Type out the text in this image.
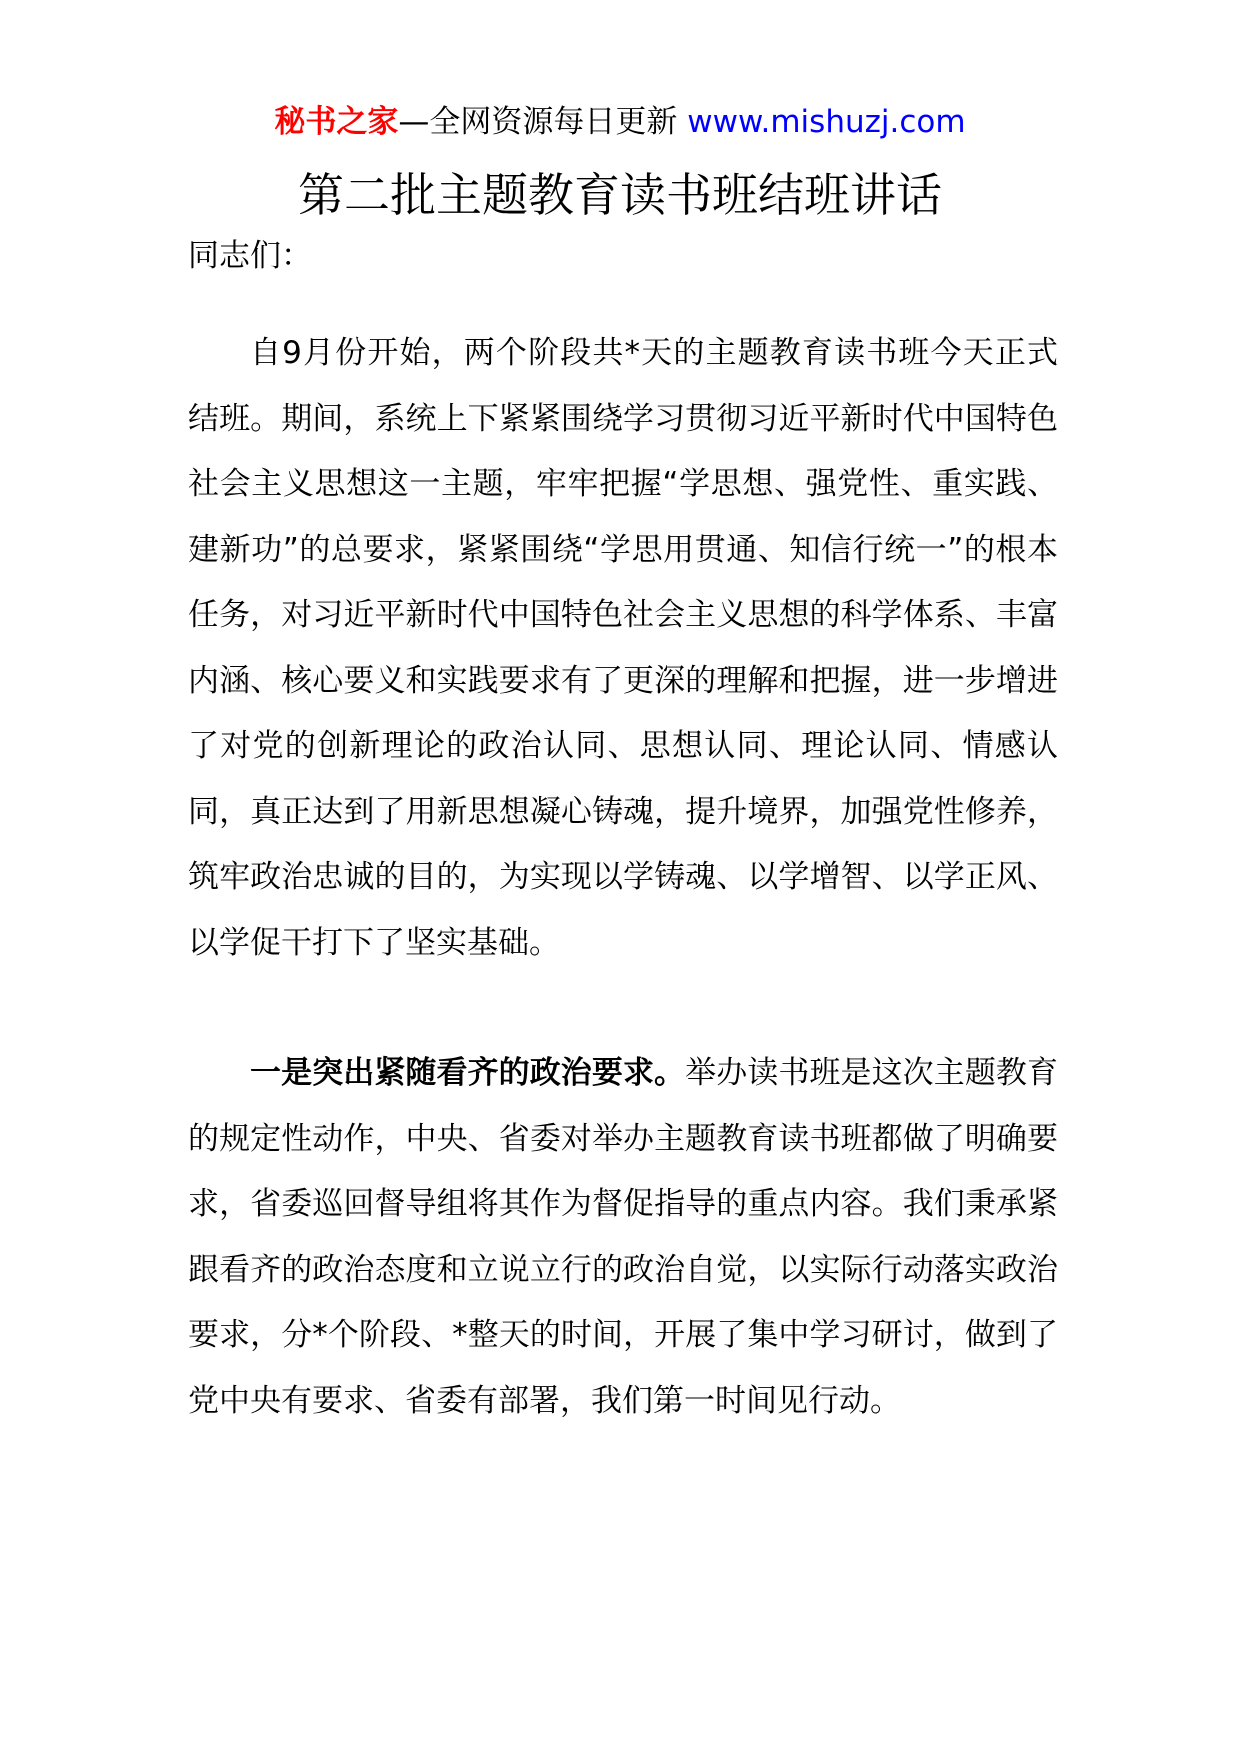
秘书之家—全网资源每日更新 www.mishuzj.com
第二批主题教育读书班结班讲话
同志们：

自9月份开始，两个阶段共*天的主题教育读书班今天正式结班。期间，系统上下紧紧围绕学习贯彻习近平新时代中国特色社会主义思想这一主题，牢牢把握“学思想、强党性、重实践、建新功”的总要求，紧紧围绕“学思用贯通、知信行统一”的根本任务，对习近平新时代中国特色社会主义思想的科学体系、丰富内涵、核心要义和实践要求有了更深的理解和把握，进一步增进了对党的创新理论的政治认同、思想认同、理论认同、情感认同，真正达到了用新思想凝心铸魂，提升境界，加强党性修养，筑牢政治忠诚的目的，为实现以学铸魂、以学增智、以学正风、以学促干打下了坚实基础。

一是突出紧随看齐的政治要求。举办读书班是这次主题教育的规定性动作，中央、省委对举办主题教育读书班都做了明确要求，省委巡回督导组将其作为督促指导的重点内容。我们秉承紧跟看齐的政治态度和立说立行的政治自觉，以实际行动落实政治要求，分*个阶段、*整天的时间，开展了集中学习研讨，做到了党中央有要求、省委有部署，我们第一时间见行动。
